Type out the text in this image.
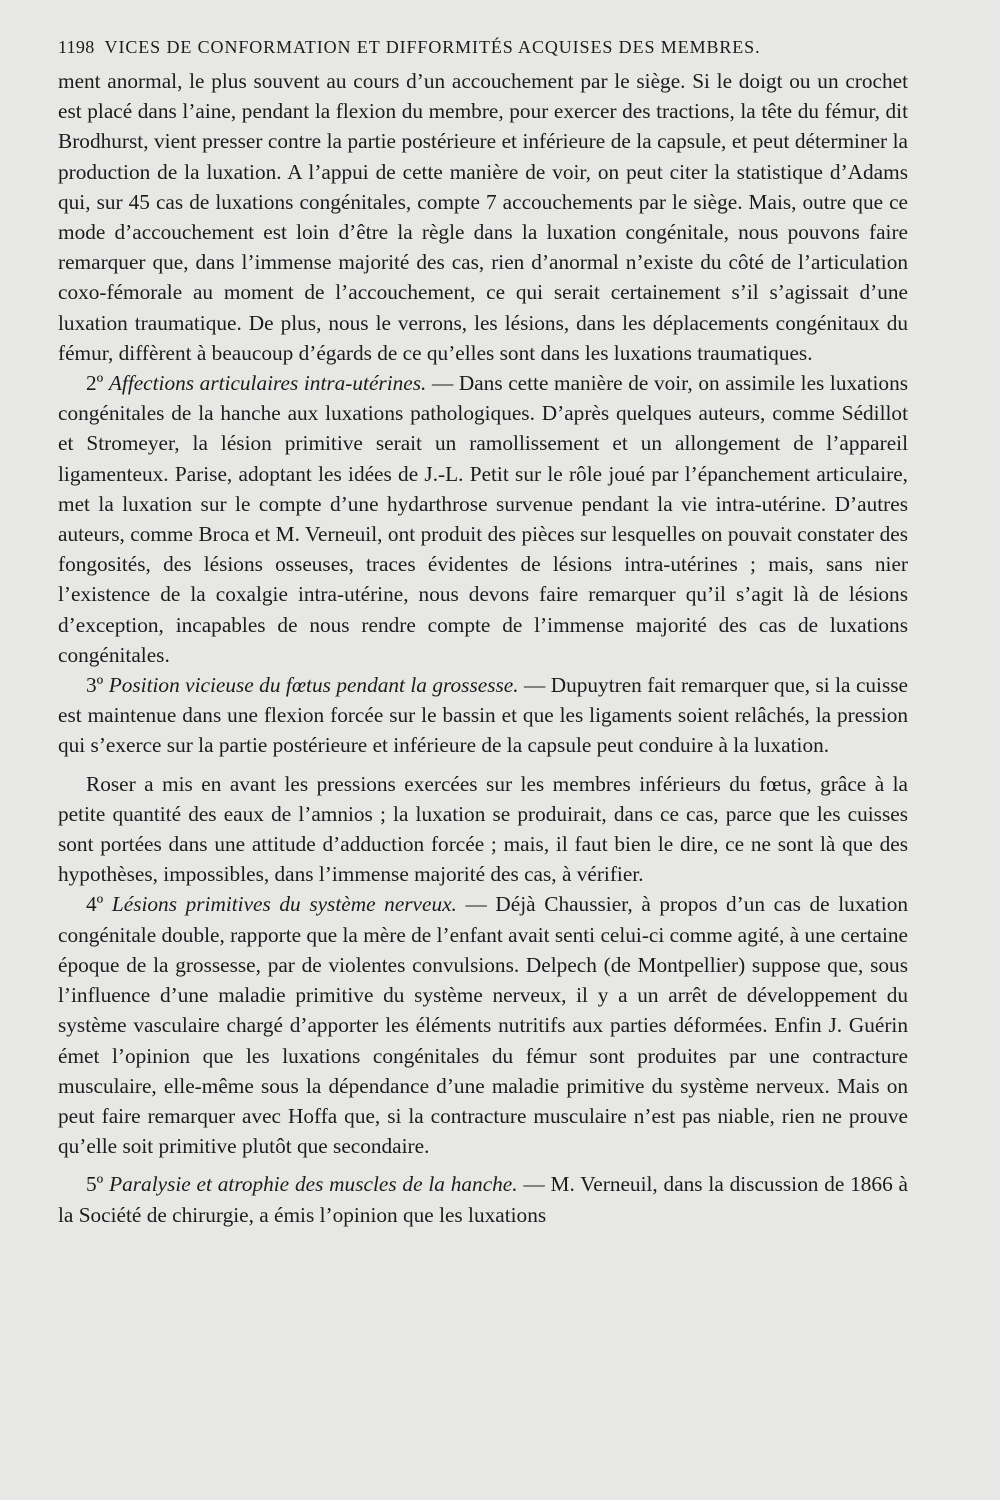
1198 VICES DE CONFORMATION ET DIFFORMITÉS ACQUISES DES MEMBRES.

ment anormal, le plus souvent au cours d’un accouchement par le siège. Si le doigt ou un crochet est placé dans l’aine, pendant la flexion du membre, pour exercer des tractions, la tête du fémur, dit Brodhurst, vient presser contre la partie postérieure et inférieure de la capsule, et peut déterminer la production de la luxation. A l’appui de cette manière de voir, on peut citer la statistique d’Adams qui, sur 45 cas de luxations congénitales, compte 7 accouchements par le siège. Mais, outre que ce mode d’accouchement est loin d’être la règle dans la luxation congénitale, nous pouvons faire remarquer que, dans l’immense majorité des cas, rien d’anormal n’existe du côté de l’articulation coxo-fémorale au moment de l’accouchement, ce qui serait certainement s’il s’agissait d’une luxation traumatique. De plus, nous le verrons, les lésions, dans les déplacements congénitaux du fémur, diffèrent à beaucoup d’égards de ce qu’elles sont dans les luxations traumatiques.

2º Affections articulaires intra-utérines. — Dans cette manière de voir, on assimile les luxations congénitales de la hanche aux luxations pathologiques. D’après quelques auteurs, comme Sédillot et Stromeyer, la lésion primitive serait un ramollissement et un allongement de l’appareil ligamenteux. Parise, adoptant les idées de J.-L. Petit sur le rôle joué par l’épanchement articulaire, met la luxation sur le compte d’une hydarthrose survenue pendant la vie intra-utérine. D’autres auteurs, comme Broca et M. Verneuil, ont produit des pièces sur lesquelles on pouvait constater des fongosités, des lésions osseuses, traces évidentes de lésions intra-utérines ; mais, sans nier l’existence de la coxalgie intra-utérine, nous devons faire remarquer qu’il s’agit là de lésions d’exception, incapables de nous rendre compte de l’immense majorité des cas de luxations congénitales.

3º Position vicieuse du fœtus pendant la grossesse. — Dupuytren fait remarquer que, si la cuisse est maintenue dans une flexion forcée sur le bassin et que les ligaments soient relâchés, la pression qui s’exerce sur la partie postérieure et inférieure de la capsule peut conduire à la luxation.

Roser a mis en avant les pressions exercées sur les membres inférieurs du fœtus, grâce à la petite quantité des eaux de l’amnios ; la luxation se produirait, dans ce cas, parce que les cuisses sont portées dans une attitude d’adduction forcée ; mais, il faut bien le dire, ce ne sont là que des hypothèses, impossibles, dans l’immense majorité des cas, à vérifier.

4º Lésions primitives du système nerveux. — Déjà Chaussier, à propos d’un cas de luxation congénitale double, rapporte que la mère de l’enfant avait senti celui-ci comme agité, à une certaine époque de la grossesse, par de violentes convulsions. Delpech (de Montpellier) suppose que, sous l’influence d’une maladie primitive du système nerveux, il y a un arrêt de développement du système vasculaire chargé d’apporter les éléments nutritifs aux parties déformées. Enfin J. Guérin émet l’opinion que les luxations congénitales du fémur sont produites par une contracture musculaire, elle-même sous la dépendance d’une maladie primitive du système nerveux. Mais on peut faire remarquer avec Hoffa que, si la contracture musculaire n’est pas niable, rien ne prouve qu’elle soit primitive plutôt que secondaire.

5º Paralysie et atrophie des muscles de la hanche. — M. Verneuil, dans la discussion de 1866 à la Société de chirurgie, a émis l’opinion que les luxations
